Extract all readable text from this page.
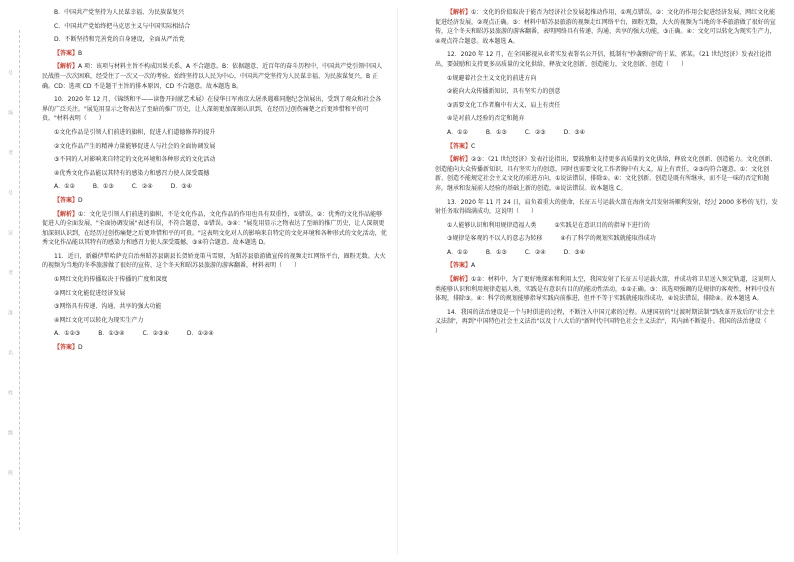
号
场
考
号
证
考
准
名
姓
级
班

B．中国共产党坚持为人民谋幸福、为民族谋复兴

C．中国共产党始终把马克思主义与中国实际相结合

D．不断坚持和完善党的自身建设，全面从严治党

【答案】B

【解析】A 项：该项与材料主旨不构成因果关系，A 不合题意。B：依据题意，近百年的奋斗历程中，中国共产党引领中国人民战胜一次次困难，经受住了一次又一次的考验。始终坚持以人民为中心，中国共产党坚持为人民谋幸福、为民族谋复兴，B 正确。CD：选项 CD 不是题干主旨的排本原因，CD 不合题意。故本题选 B。

10．2020 年 12 月，《锦绣和平——读鲁开封献艺术展》在侵华日军南京大屠杀遇难同胞纪念馆展出，受到了观众和社会各界的广泛关注。"展览用显示之物表达了至暗的推广历史，让人深刻更加深刻认识到，在经历过创伤痛楚之后更珍惜和平的可贵。"材料表明（　　）

①文化作品是引领人们前进的旗帜，促进人们道德修养的提升

②文化作品产生的精神力量能够促进人与社会的全面协调发展

③不同的人对影响来自特定的文化环境和各种形式的文化活动

④优秀文化作品能以其特有的感染力和感召力使人深受震撼

A．①②　　　B．①③　　　C．②④　　　D．③④

【答案】D

【解析】①：文化是引领人们前进的旗帜，不是文化作品，文化作品的作用也具有双重性，①错误。②：优秀的文化作品能够促进人的全面发展，"全面协调发展"表述有误，不符合题意，②错误。③④："展览用显示之物表达了至暗的推广历史，让人深刻更加深刻认识到，在经历过创伤痛楚之后更珍惜和平的可贵。"这表明文化对人的影响来自特定的文化环境和各种形式的文化活动，优秀文化作品能以其特有的感染力和感召力使人深受震撼，③④符合题意。故本题选 D。

11．近日，新疆伊犁哈萨克自治州昭苏县副县长贺娇龙策马雪原，为昭苏县旅游做宣传的视频走红网络平台，圈粉无数。大火的视频为当地的冬季旅游做了很好的宣传，这个冬天和昭苏县旅游的游客翻番，材料表明（　　）

①网红文化的传播取决于传播的广度和深度

②网红文化能促进经济发展

③网络具有传递、沟通、共享的强大功能

④网红文化可以转化为现实生产力

A．①②③　　　B．①③④　　　C．②③④　　　D．①②④

【答案】D

【解析】①：文化的价值取决于能否为经济社会发展起推动作用，①观点错误。②：文化的作用会促进经济发展，网红文化能促进经济发展，②观点正确。③：材料中昭苏县旅游的视频走红网络平台，圈粉无数，大火的视频为当地的冬季旅游做了很好的宣传，这个冬天和昭苏县旅游的游客翻番，表明网络具有传递、沟通、共享的强大功能，③正确。④：文化可以转化为现实生产力，④观点符合题意。故本题选 A。

12．2020 年 12 月，在全国影视从业者实发表署名公开信，抵制有"抄袭剽窃"的于某、郭某。《21 世纪经济》发表社论指出，要鼓励和支持更多高质量的文化供给，释放文化创新、创造能力，文化创新、创造（　　）

①规避着社会主义文化的前进方向

②能向大众传播新知识，具有坚实力的创意

③需要文化工作者胸中有大义，肩上有责任

④是对前人经验的否定和抛弃

A．①②　　　B．①③　　　C．②③　　　D．③④

【答案】C

【解析】②③：《21 世纪经济》发表社论指出，要鼓励和支持更多高质量的文化供给，释放文化创新、创造能力。文化创新、创造能向大众传播新知识，具有坚实力的创意，同时也需要文化工作者胸中有大义，肩上有责任，②③均符合题意。①：文化创新、创造不能规定社会主义文化的前进方向，①说法错误，排除①。④：文化创新、创造是既有所继承，而不是一味的否定和抛弃，继承和发展前人经验的基础上新的创造，④说法错误。故本题选 C。

13．2020 年 11 月 24 日，肩负着重大的使命，长征五号运载火箭在海南文昌发射场顺利发射，经过 2000 多秒的飞行，发射任务取得圆满成功，这说明（　　）

①人能够认识和利用规律造福人类　　　②实践是在意识目的的指导下进行的

③规律是客观的不以人的意志为转移　　　④有了科学的规划实践就能取得成功

A．①②　　　B．①③　　　C．②④　　　D．③④

【答案】A

【解析】①②：材料中，为了更好地探索和利用太空，我国发射了长征五号运载火箭，并成功将卫星送入预定轨道，这说明人类能够认识和利用规律造福人类，实践是有意识有目的的能动性活动，①②正确。③：该选项强调的是规律的客观性，材料中没有体现，排除③。④：科学的规划能够指导实践向前推进，但并不等于实践就能取得成功，④说法错误，排除④。故本题选 A。

14．我国的法治建设是一个与时俱进的过程，不断注入中国元素的过程。从建国初的"过渡时期法制"到改革开放后的"社会主义法制"，再到"中国特色社会主义法治"以及十八大后的"新时代中国特色社会主义法治"，其内涵不断提升。我国的法治建设（　　）
